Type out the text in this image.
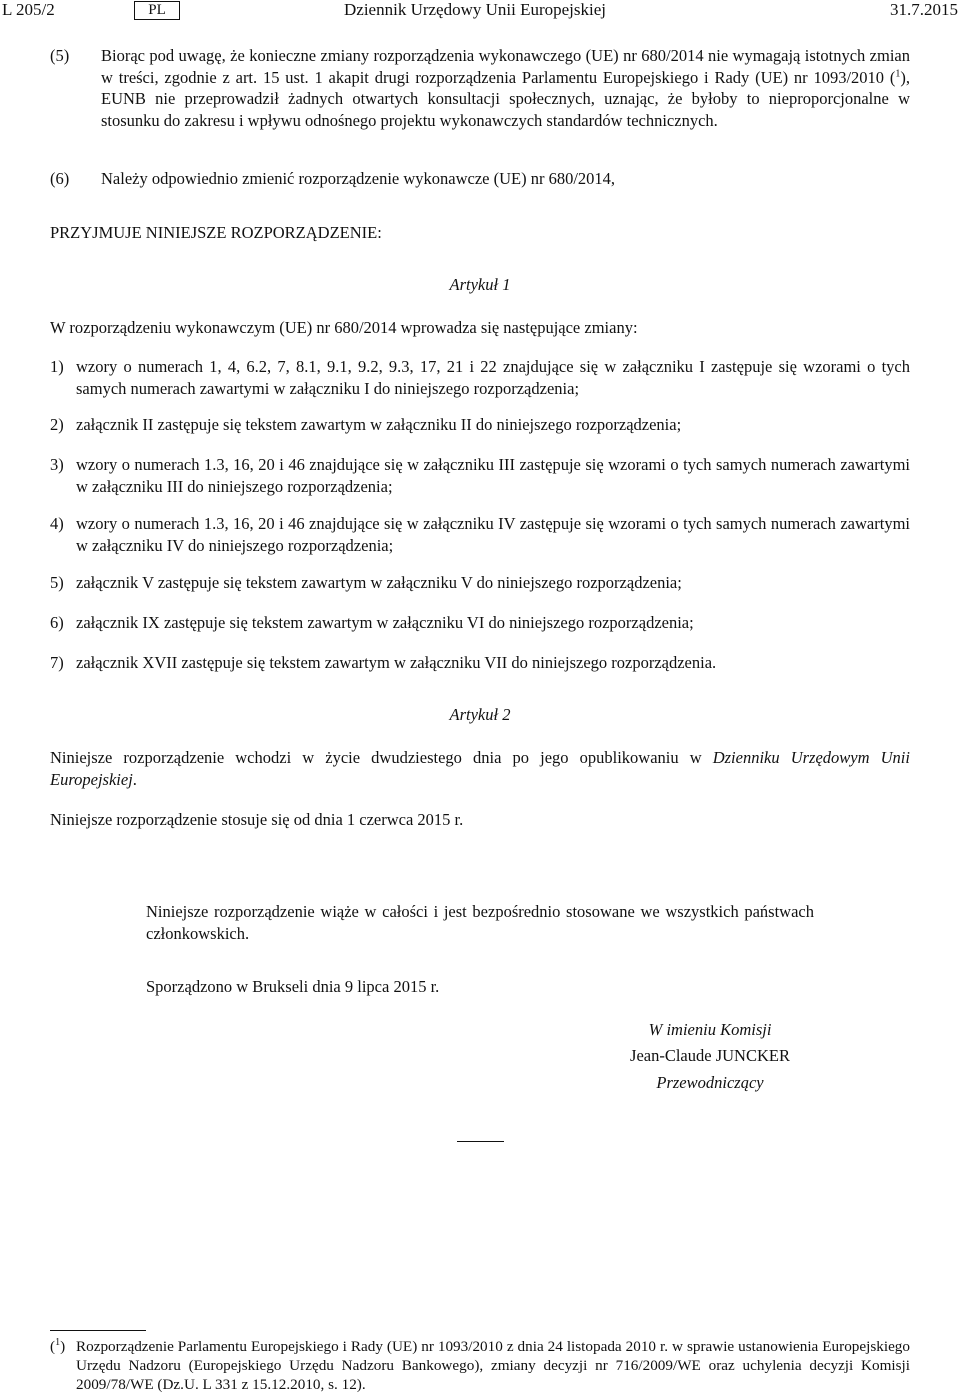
L 205/2	PL	Dziennik Urzędowy Unii Europejskiej	31.7.2015
(5) Biorąc pod uwagę, że konieczne zmiany rozporządzenia wykonawczego (UE) nr 680/2014 nie wymagają istotnych zmian w treści, zgodnie z art. 15 ust. 1 akapit drugi rozporządzenia Parlamentu Europejskiego i Rady (UE) nr 1093/2010 ($^1$), EUNB nie przeprowadził żadnych otwartych konsultacji społecznych, uznając, że byłoby to nieproporcjonalne w stosunku do zakresu i wpływu odnośnego projektu wykonawczych standardów technicznych.
(6) Należy odpowiednio zmienić rozporządzenie wykonawcze (UE) nr 680/2014,
PRZYJMUJE NINIEJSZE ROZPORZĄDZENIE:
Artykuł 1
W rozporządzeniu wykonawczym (UE) nr 680/2014 wprowadza się następujące zmiany:
1) wzory o numerach 1, 4, 6.2, 7, 8.1, 9.1, 9.2, 9.3, 17, 21 i 22 znajdujące się w załączniku I zastępuje się wzorami o tych samych numerach zawartymi w załączniku I do niniejszego rozporządzenia;
2) załącznik II zastępuje się tekstem zawartym w załączniku II do niniejszego rozporządzenia;
3) wzory o numerach 1.3, 16, 20 i 46 znajdujące się w załączniku III zastępuje się wzorami o tych samych numerach zawartymi w załączniku III do niniejszego rozporządzenia;
4) wzory o numerach 1.3, 16, 20 i 46 znajdujące się w załączniku IV zastępuje się wzorami o tych samych numerach zawartymi w załączniku IV do niniejszego rozporządzenia;
5) załącznik V zastępuje się tekstem zawartym w załączniku V do niniejszego rozporządzenia;
6) załącznik IX zastępuje się tekstem zawartym w załączniku VI do niniejszego rozporządzenia;
7) załącznik XVII zastępuje się tekstem zawartym w załączniku VII do niniejszego rozporządzenia.
Artykuł 2
Niniejsze rozporządzenie wchodzi w życie dwudziestego dnia po jego opublikowaniu w Dzienniku Urzędowym Unii Europejskiej.
Niniejsze rozporządzenie stosuje się od dnia 1 czerwca 2015 r.
Niniejsze rozporządzenie wiąże w całości i jest bezpośrednio stosowane we wszystkich państwach członkowskich.
Sporządzono w Brukseli dnia 9 lipca 2015 r.
W imieniu Komisji
Jean-Claude JUNCKER
Przewodniczący
($^1$) Rozporządzenie Parlamentu Europejskiego i Rady (UE) nr 1093/2010 z dnia 24 listopada 2010 r. w sprawie ustanowienia Europejskiego Urzędu Nadzoru (Europejskiego Urzędu Nadzoru Bankowego), zmiany decyzji nr 716/2009/WE oraz uchylenia decyzji Komisji 2009/78/WE (Dz.U. L 331 z 15.12.2010, s. 12).
